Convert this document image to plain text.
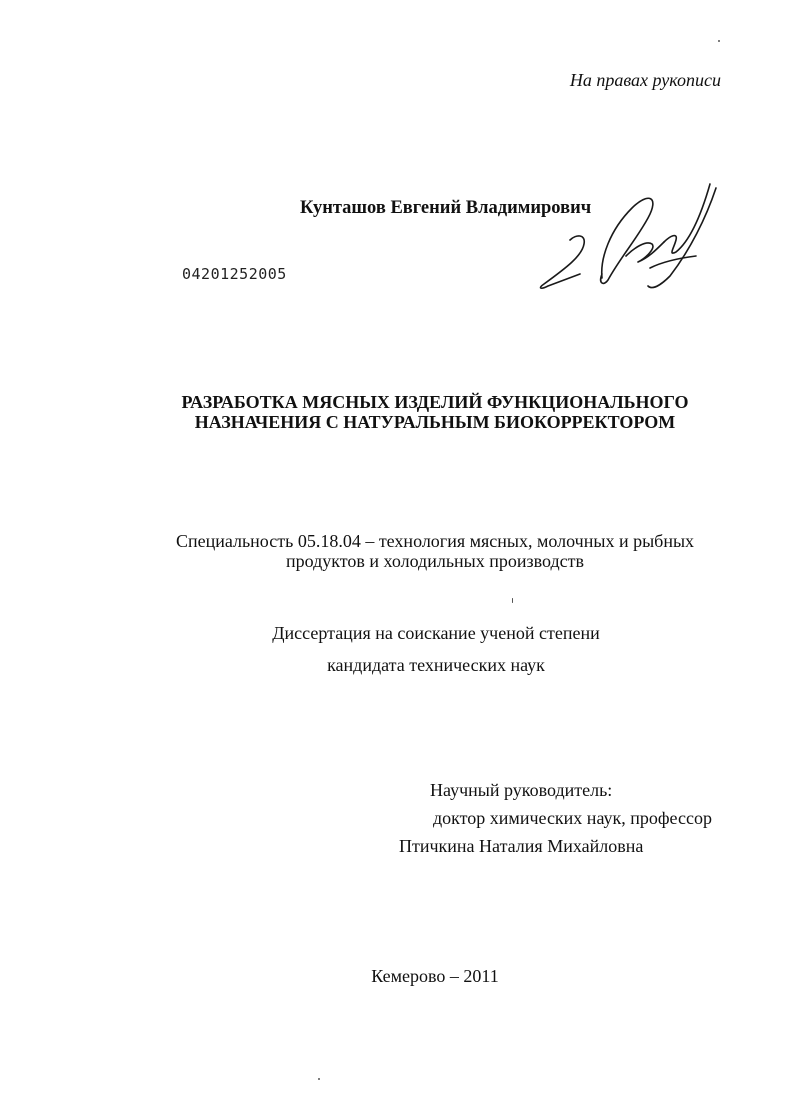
На правах рукописи
Кунташов Евгений Владимирович
04201252005
РАЗРАБОТКА МЯСНЫХ ИЗДЕЛИЙ ФУНКЦИОНАЛЬНОГО
НАЗНАЧЕНИЯ С НАТУРАЛЬНЫМ БИОКОРРЕКТОРОМ
Специальность 05.18.04 – технология мясных, молочных и рыбных
продуктов и холодильных производств
Диссертация на соискание ученой степени
кандидата технических наук
Научный руководитель:
доктор химических наук, профессор
Птичкина Наталия Михайловна
Кемерово – 2011
